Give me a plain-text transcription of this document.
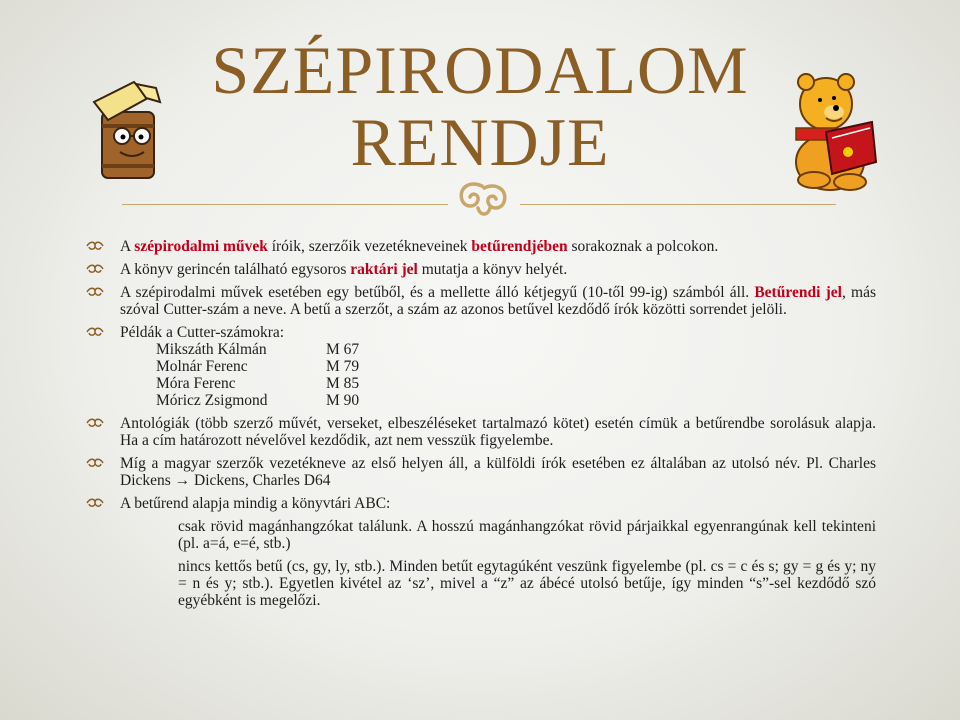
SZÉPIRODALOM
RENDJE
A szépirodalmi művek íróik, szerzőik vezetékneveinek betűrendjében sorakoznak a polcokon.
A könyv gerincén található egysoros raktári jel mutatja a könyv helyét.
A szépirodalmi művek esetében egy betűből, és a mellette álló kétjegyű (10-től 99-ig) számból áll. Betűrendi jel, más szóval Cutter-szám a neve. A betű a szerzőt, a szám az azonos betűvel kezdődő írók közötti sorrendet jelöli.
Példák a Cutter-számokra:
Mikszáth Kálmán	M 67
Molnár Ferenc	M 79
Móra Ferenc	M 85
Móricz Zsigmond	M 90
Antológiák (több szerző művét, verseket, elbeszéléseket tartalmazó kötet) esetén címük a betűrendbe sorolásuk alapja. Ha a cím határozott névelővel kezdődik, azt nem vesszük figyelembe.
Míg a magyar szerzők vezetékneve az első helyen áll, a külföldi írók esetében ez általában az utolsó név. Pl. Charles Dickens → Dickens, Charles D64
A betűrend alapja mindig a könyvtári ABC:
csak rövid magánhangzókat találunk. A hosszú magánhangzókat rövid párjaikkal egyenrangúnak kell tekinteni (pl. a=á, e=é, stb.)
nincs kettős betű (cs, gy, ly, stb.). Minden betűt egytagúként veszünk figyelembe (pl. cs = c és s; gy = g és y; ny = n és y; stb.). Egyetlen kivétel az ‘sz’, mivel a “z” az ábécé utolsó betűje, így minden “s”-sel kezdődő szó egyébként is megelőzi.
